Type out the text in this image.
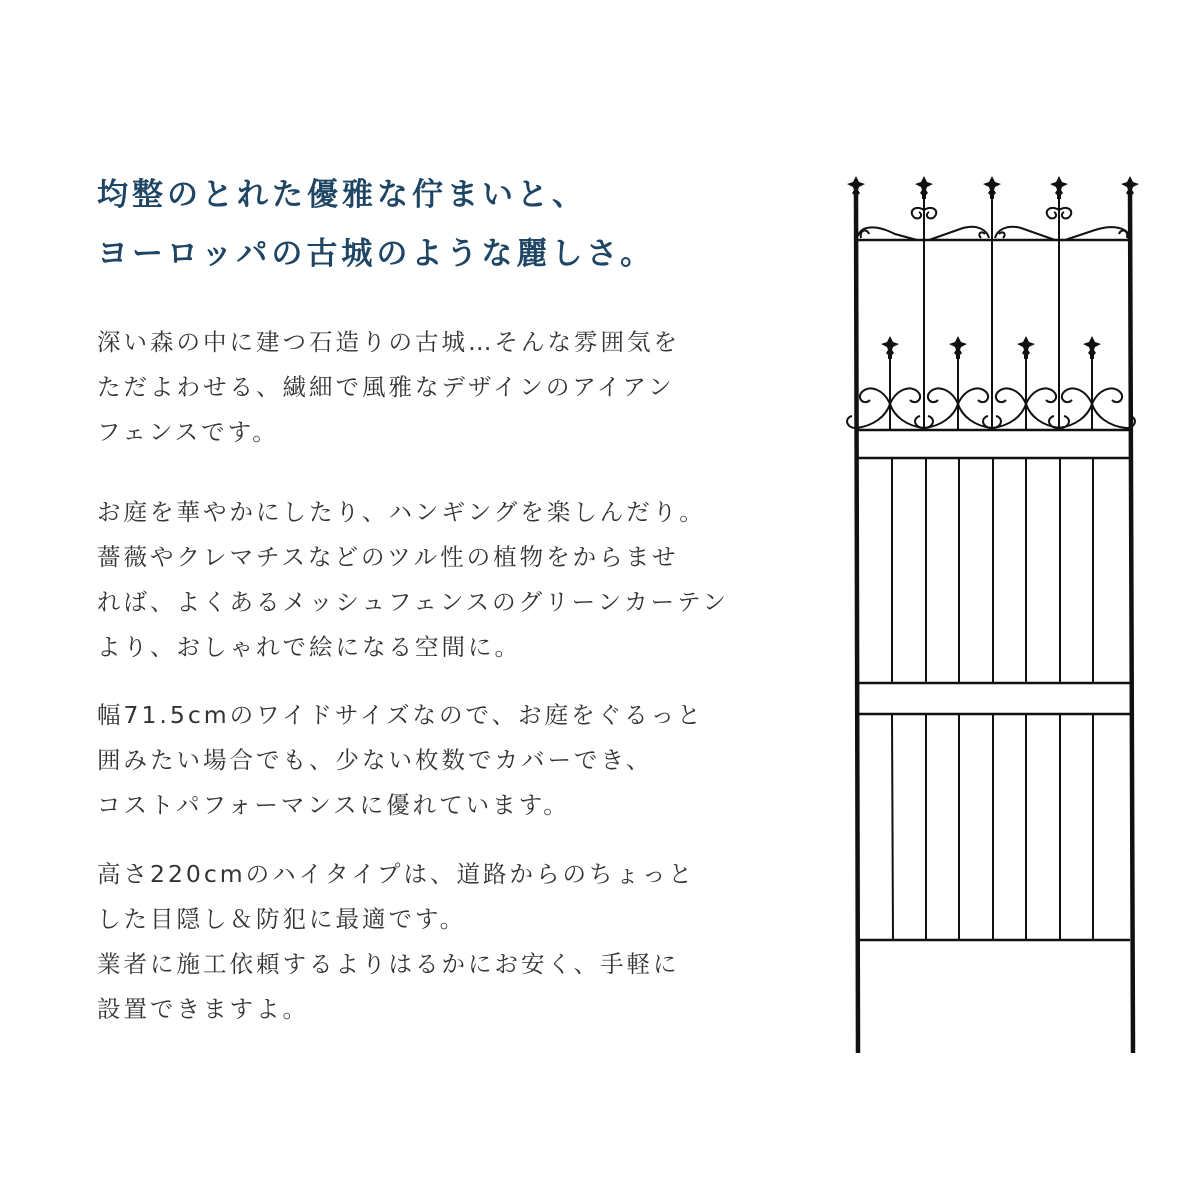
均整のとれた優雅な佇まいと、
ヨーロッパの古城のような麗しさ。

深い森の中に建つ石造りの古城…そんな雰囲気を
ただよわせる、繊細で風雅なデザインのアイアン
フェンスです。

お庭を華やかにしたり、ハンギングを楽しんだり。
薔薇やクレマチスなどのツル性の植物をからませ
れば、よくあるメッシュフェンスのグリーンカーテン
より、おしゃれで絵になる空間に。

幅71.5cmのワイドサイズなので、お庭をぐるっと
囲みたい場合でも、少ない枚数でカバーでき、
コストパフォーマンスに優れています。

高さ220cmのハイタイプは、道路からのちょっと
した目隠し＆防犯に最適です。
業者に施工依頼するよりはるかにお安く、手軽に
設置できますよ。
